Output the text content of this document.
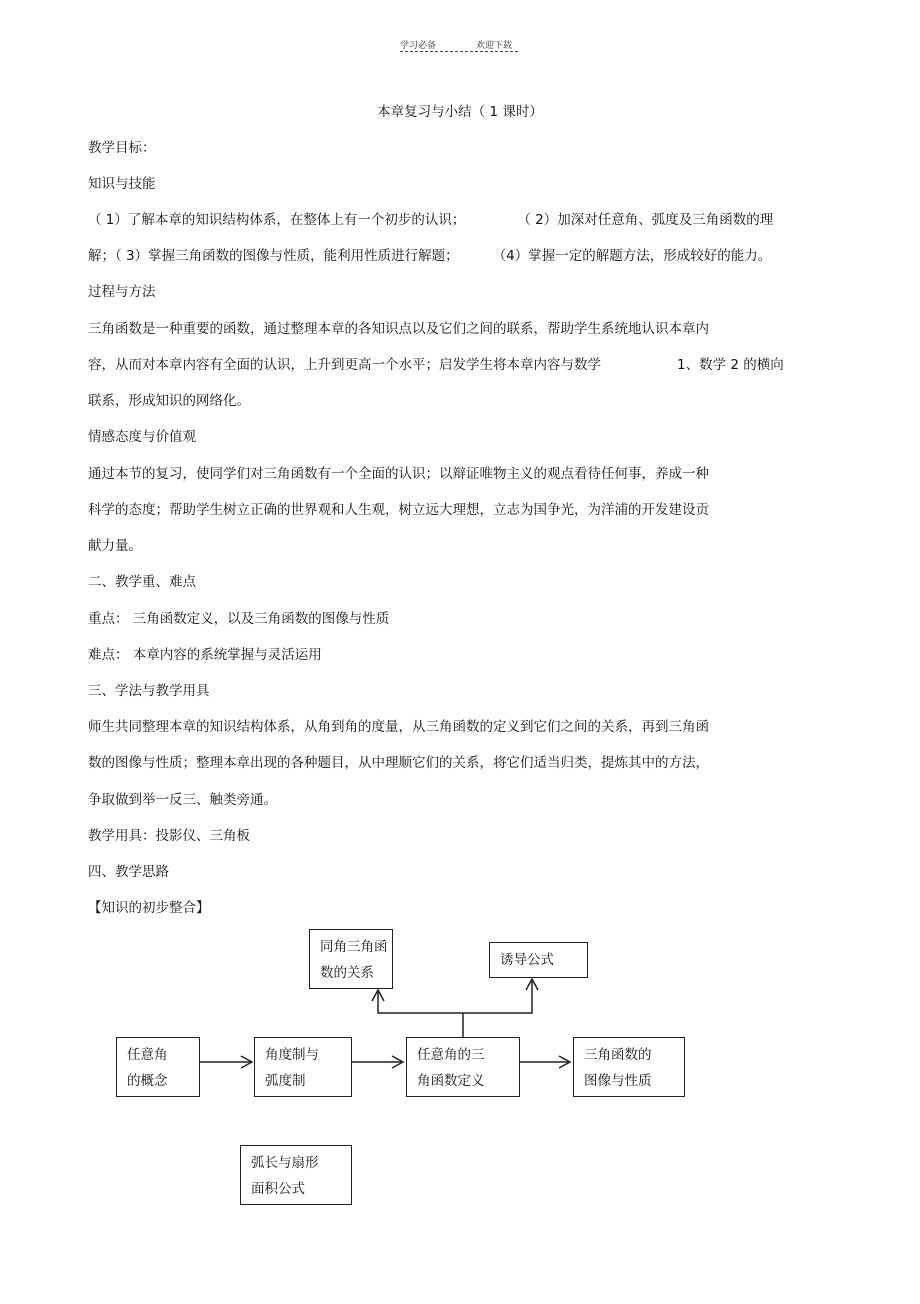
学习必备	欢迎下载
本章复习与小结（ 1 课时）
教学目标：
知识与技能
（ 1）了解本章的知识结构体系，在整体上有一个初步的认识；	（ 2）加深对任意角、弧度及三角函数的理
解；（ 3）掌握三角函数的图像与性质，能利用性质进行解题；	（4）掌握一定的解题方法，形成较好的能力。
过程与方法
三角函数是一种重要的函数，通过整理本章的各知识点以及它们之间的联系，帮助学生系统地认识本章内
容，从而对本章内容有全面的认识，上升到更高一个水平；启发学生将本章内容与数学	1、数学 2 的横向
联系，形成知识的网络化。
情感态度与价值观
通过本节的复习，使同学们对三角函数有一个全面的认识；以辩证唯物主义的观点看待任何事，养成一种
科学的态度；帮助学生树立正确的世界观和人生观，树立远大理想，立志为国争光，为洋浦的开发建设贡
献力量。
二、教学重、难点
重点： 三角函数定义，以及三角函数的图像与性质
难点： 本章内容的系统掌握与灵活运用
三、学法与教学用具
师生共同整理本章的知识结构体系，从角到角的度量，从三角函数的定义到它们之间的关系，再到三角函
数的图像与性质；整理本章出现的各种题目，从中理顺它们的关系，将它们适当归类，提炼其中的方法，
争取做到举一反三、触类旁通。
教学用具：投影仪、三角板
四、教学思路
【知识的初步整合】
同角三角函
数的关系
诱导公式
任意角
的概念
角度制与
弧度制
任意角的三
角函数定义
三角函数的
图像与性质
弧长与扇形
面积公式
